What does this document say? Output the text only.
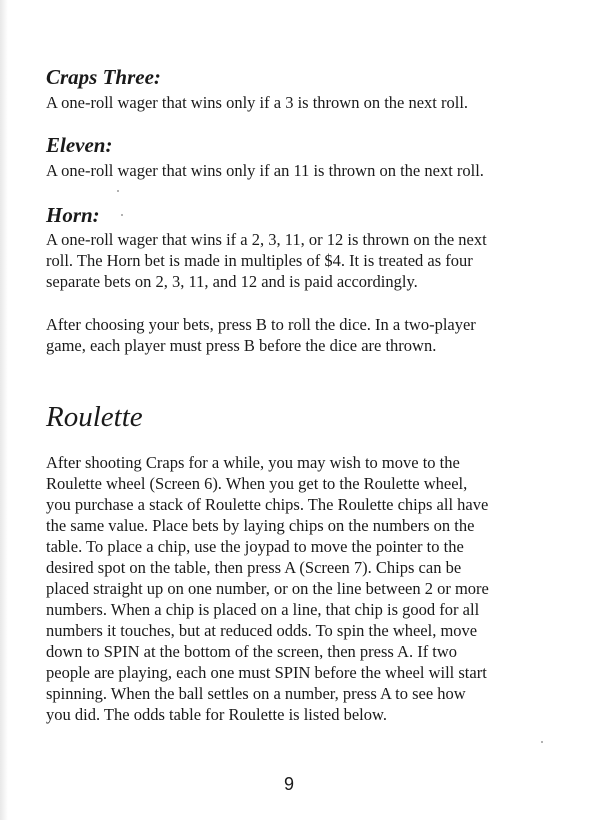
Craps Three:

A one-roll wager that wins only if a 3 is thrown on the next roll.

Eleven:

A one-roll wager that wins only if an 11 is thrown on the next roll.

Horn:

A one-roll wager that wins if a 2, 3, 11, or 12 is thrown on the next
roll. The Horn bet is made in multiples of $4. It is treated as four
separate bets on 2, 3, 11, and 12 and is paid accordingly.

After choosing your bets, press B to roll the dice. In a two-player
game, each player must press B before the dice are thrown.

Roulette

After shooting Craps for a while, you may wish to move to the
Roulette wheel (Screen 6). When you get to the Roulette wheel,
you purchase a stack of Roulette chips. The Roulette chips all have
the same value. Place bets by laying chips on the numbers on the
table. To place a chip, use the joypad to move the pointer to the
desired spot on the table, then press A (Screen 7). Chips can be
placed straight up on one number, or on the line between 2 or more
numbers. When a chip is placed on a line, that chip is good for all
numbers it touches, but at reduced odds. To spin the wheel, move
down to SPIN at the bottom of the screen, then press A. If two
people are playing, each one must SPIN before the wheel will start
spinning. When the ball settles on a number, press A to see how
you did. The odds table for Roulette is listed below.

9
